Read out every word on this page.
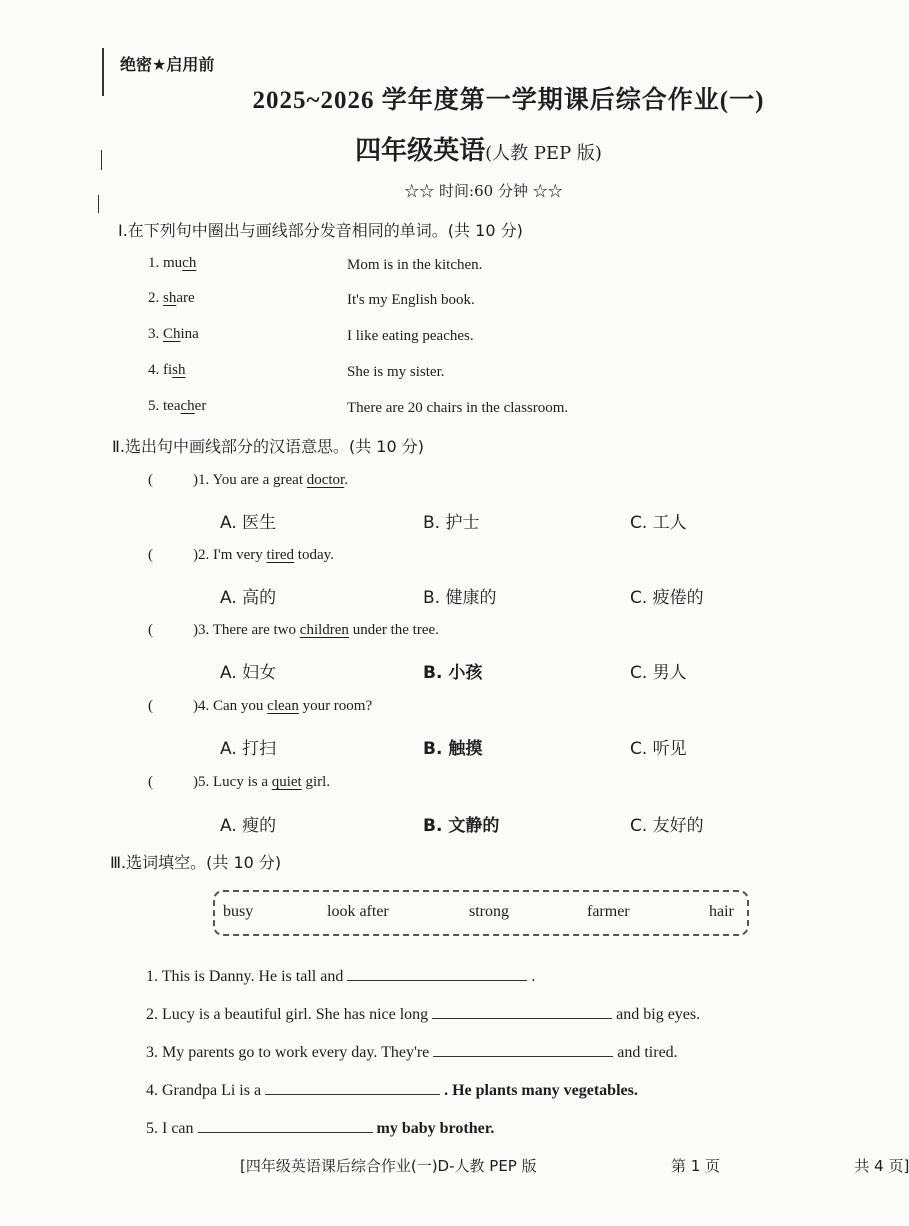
绝密★启用前
2025~2026 学年度第一学期课后综合作业(一)
四年级英语(人教 PEP 版)
☆☆ 时间:60 分钟 ☆☆
Ⅰ.在下列句中圈出与画线部分发音相同的单词。(共 10 分)
1. much	Mom is in the kitchen.
2. share	It's my English book.
3. China	I like eating peaches.
4. fish	She is my sister.
5. teacher	There are 20 chairs in the classroom.
Ⅱ.选出句中画线部分的汉语意思。(共 10 分)
(	)1. You are a great doctor.
A. 医生	B. 护士	C. 工人
(	)2. I'm very tired today.
A. 高的	B. 健康的	C. 疲倦的
(	)3. There are two children under the tree.
A. 妇女	B. 小孩	C. 男人
(	)4. Can you clean your room?
A. 打扫	B. 触摸	C. 听见
(	)5. Lucy is a quiet girl.
A. 瘦的	B. 文静的	C. 友好的
Ⅲ.选词填空。(共 10 分)
busy	look after	strong	farmer	hair
1. This is Danny. He is tall and	.
2. Lucy is a beautiful girl. She has nice long	and big eyes.
3. My parents go to work every day. They're	and tired.
4. Grandpa Li is a	. He plants many vegetables.
5. I can	my baby brother.
[四年级英语课后综合作业(一)D-人教 PEP 版	第 1 页	共 4 页]
